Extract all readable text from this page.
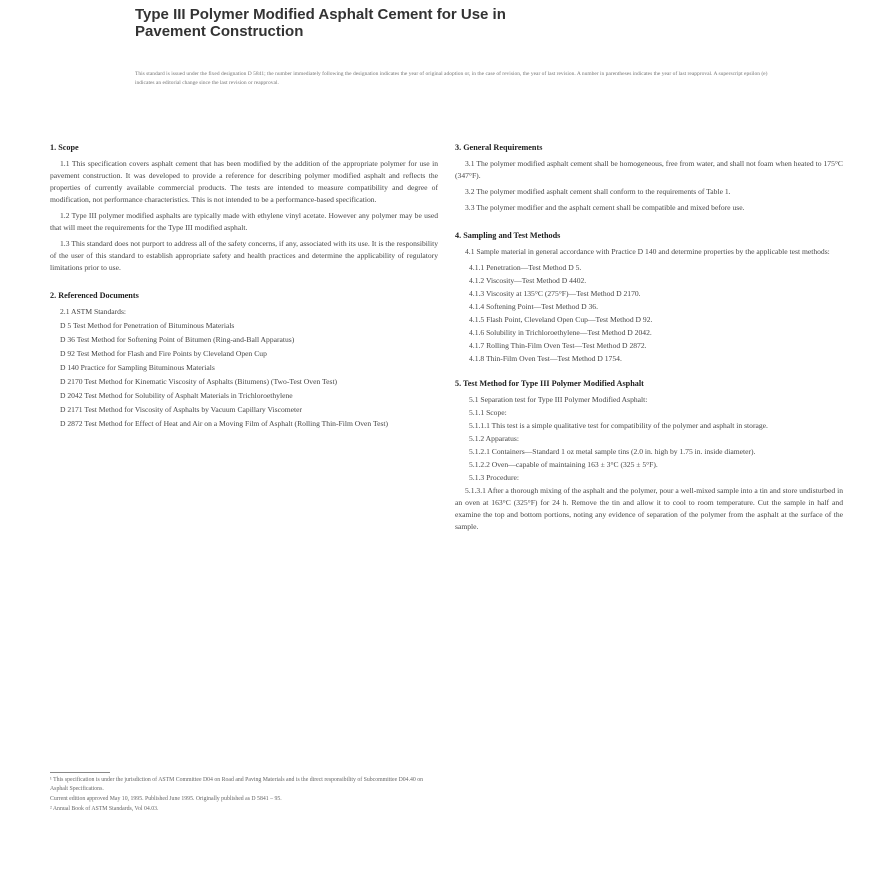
Type III Polymer Modified Asphalt Cement for Use in
Pavement Construction
This standard is issued under the fixed designation D 5841; the number immediately following the designation indicates the year of original adoption or, in the case of revision, the year of last revision. A number in parentheses indicates the year of last reapproval. A superscript epsilon (e) indicates an editorial change since the last revision or reapproval.
1. Scope

1.1 This specification covers asphalt cement that has been modified by the addition of the appropriate polymer for use in pavement construction. It was developed to provide a reference for describing polymer modified asphalt and reflects the properties of currently available commercial products. The tests are intended to measure compatibility and degree of modification, not performance characteristics. This is not intended to be a performance-based specification.

1.2 Type III polymer modified asphalts are typically made with ethylene vinyl acetate. However any polymer may be used that will meet the requirements for the Type III modified asphalt.

1.3 This standard does not purport to address all of the safety concerns, if any, associated with its use. It is the responsibility of the user of this standard to establish appropriate safety and health practices and determine the applicability of regulatory limitations prior to use.

2. Referenced Documents
2.1 ASTM Standards:
D 5 Test Method for Penetration of Bituminous Materials
D 36 Test Method for Softening Point of Bitumen (Ring-and-Ball Apparatus)
D 92 Test Method for Flash and Fire Points by Cleveland Open Cup
D 140 Practice for Sampling Bituminous Materials
D 2170 Test Method for Kinematic Viscosity of Asphalts (Bitumens) (Two-Test Oven Test)
D 2042 Test Method for Solubility of Asphalt Materials in Trichloroethylene
D 2171 Test Method for Viscosity of Asphalts by Vacuum Capillary Viscometer
D 2872 Test Method for Effect of Heat and Air on a Moving Film of Asphalt (Rolling Thin-Film Oven Test)
3. General Requirements

3.1 The polymer modified asphalt cement shall be homogeneous, free from water, and shall not foam when heated to 175°C (347°F).

3.2 The polymer modified asphalt cement shall conform to the requirements of Table 1.

3.3 The polymer modifier and the asphalt cement shall be compatible and mixed before use.

4. Sampling and Test Methods

4.1 Sample material in general accordance with Practice D 140 and determine properties by the applicable test methods:

4.1.1 Penetration—Test Method D 5.
4.1.2 Viscosity—Test Method D 4402.
4.1.3 Viscosity at 135°C (275°F)—Test Method D 2170.
4.1.4 Softening Point—Test Method D 36.
4.1.5 Flash Point, Cleveland Open Cup—Test Method D 92.
4.1.6 Solubility in Trichloroethylene—Test Method D 2042.
4.1.7 Rolling Thin-Film Oven Test—Test Method D 2872.
4.1.8 Thin-Film Oven Test—Test Method D 1754.
5. Test Method for Type III Polymer Modified Asphalt
5.1 Separation test for Type III Polymer Modified Asphalt:
5.1.1 Scope:
5.1.1.1 This test is a simple qualitative test for compatibility of the polymer and asphalt in storage.
5.1.2 Apparatus:
5.1.2.1 Containers—Standard 1 oz metal sample tins (2.0 in. high by 1.75 in. inside diameter).
5.1.2.2 Oven—capable of maintaining 163 ± 3°C (325 ± 5°F).
5.1.3 Procedure:

5.1.3.1 After a thorough mixing of the asphalt and the polymer, pour a well-mixed sample into a tin and store undisturbed in an oven at 163°C (325°F) for 24 h. Remove the tin and allow it to cool to room temperature. Cut the sample in half and examine the top and bottom portions, noting any evidence of separation of the polymer from the asphalt at the surface of the sample.

¹ This specification is under the jurisdiction of ASTM Committee D04 on Road and Paving Materials and is the direct responsibility of Subcommittee D04.40 on Asphalt Specifications.

Current edition approved May 10, 1995. Published June 1995. Originally published as D 5841 – 95.

² Annual Book of ASTM Standards, Vol 04.03.
